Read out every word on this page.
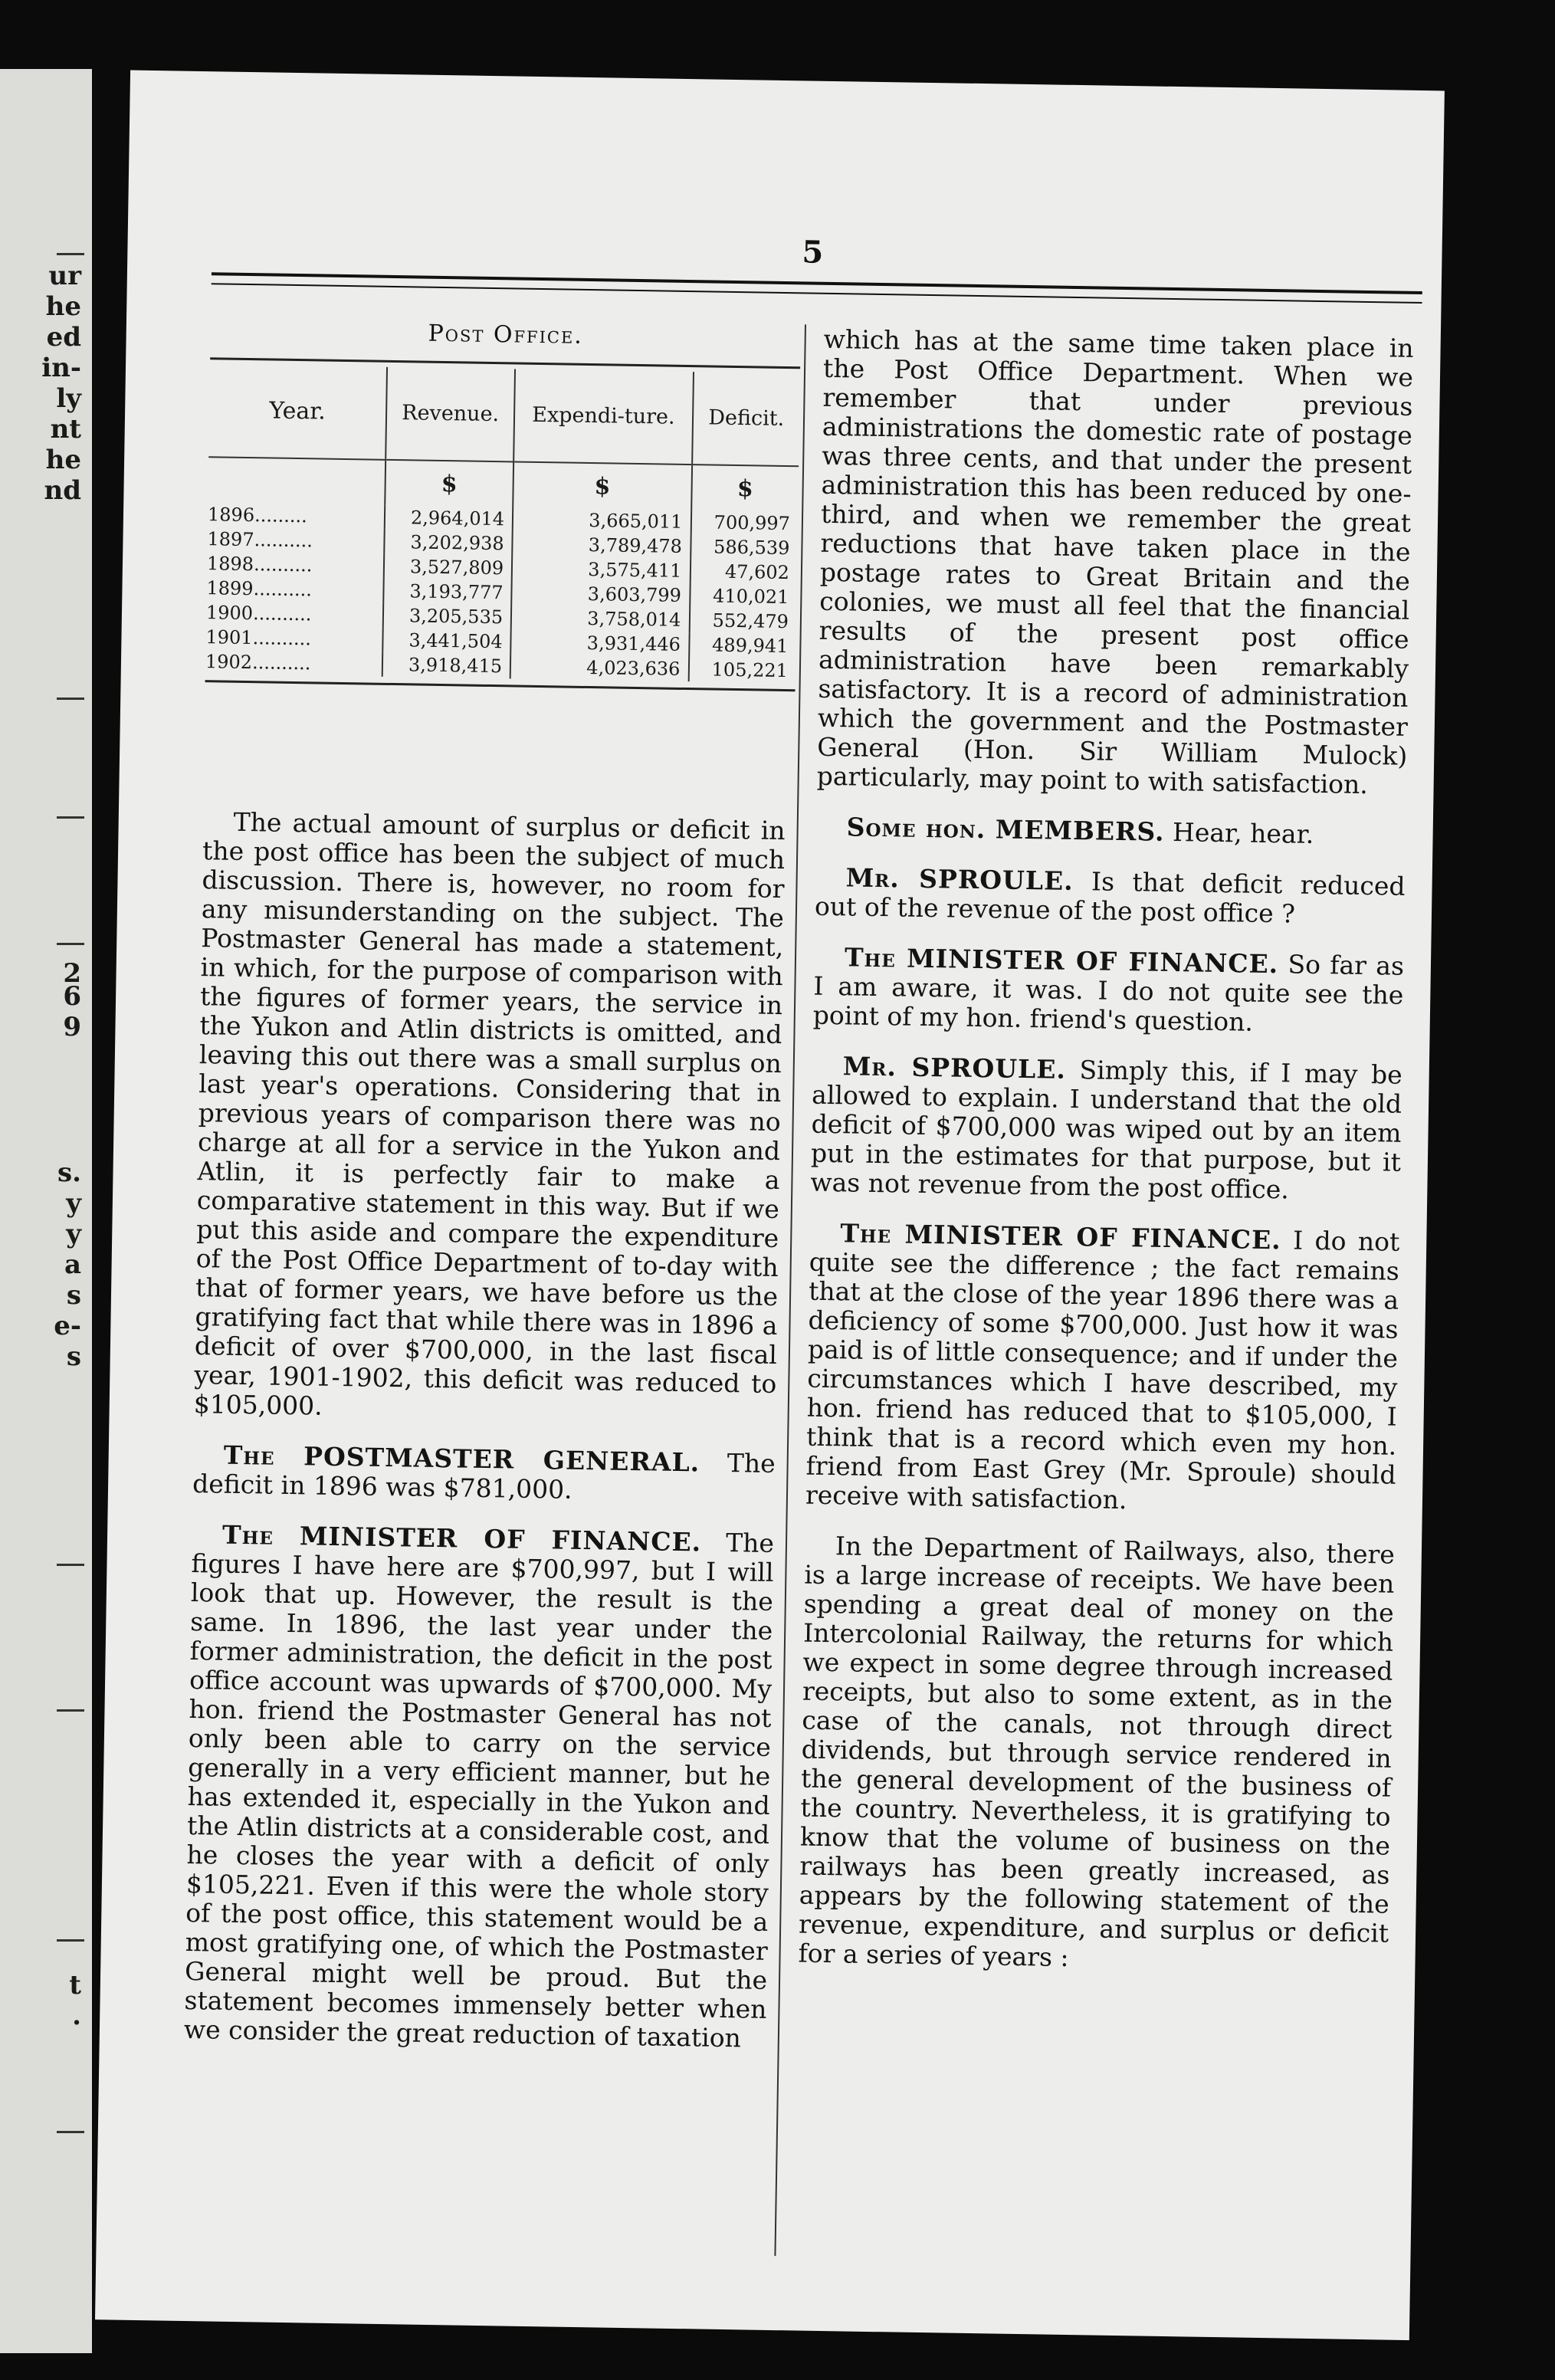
ur
he
ed
in-
ly
nt
he
nd
2
6
9
s.
y
y
a
s
e-
s
t
.
5
Post Office.
Year.	Revenue.	Expendi-ture.	Deficit.
	$	$	$
1896.........	2,964,014	3,665,011	700,997
1897..........	3,202,938	3,789,478	586,539
1898..........	3,527,809	3,575,411	47,602
1899..........	3,193,777	3,603,799	410,021
1900..........	3,205,535	3,758,014	552,479
1901..........	3,441,504	3,931,446	489,941
1902..........	3,918,415	4,023,636	105,221

The actual amount of surplus or deficit in the post office has been the subject of much discussion. There is, however, no room for any misunderstanding on the subject. The Postmaster General has made a statement, in which, for the purpose of comparison with the figures of former years, the service in the Yukon and Atlin districts is omitted, and leaving this out there was a small surplus on last year's operations. Considering that in previous years of comparison there was no charge at all for a service in the Yukon and Atlin, it is perfectly fair to make a comparative statement in this way. But if we put this aside and compare the expenditure of the Post Office Department of to-day with that of former years, we have before us the gratifying fact that while there was in 1896 a deficit of over $700,000, in the last fiscal year, 1901-1902, this deficit was reduced to $105,000.

The POSTMASTER GENERAL. The deficit in 1896 was $781,000.

The MINISTER OF FINANCE. The figures I have here are $700,997, but I will look that up. However, the result is the same. In 1896, the last year under the former administration, the deficit in the post office account was upwards of $700,000. My hon. friend the Postmaster General has not only been able to carry on the service generally in a very efficient manner, but he has extended it, especially in the Yukon and the Atlin districts at a considerable cost, and he closes the year with a deficit of only $105,221. Even if this were the whole story of the post office, this statement would be a most gratifying one, of which the Postmaster General might well be proud. But the statement becomes immensely better when we consider the great reduction of taxation

which has at the same time taken place in the Post Office Department. When we remember that under previous administrations the domestic rate of postage was three cents, and that under the present administration this has been reduced by one-third, and when we remember the great reductions that have taken place in the postage rates to Great Britain and the colonies, we must all feel that the financial results of the present post office administration have been remarkably satisfactory. It is a record of administration which the government and the Postmaster General (Hon. Sir William Mulock) particularly, may point to with satisfaction.

Some hon. MEMBERS. Hear, hear.

Mr. SPROULE. Is that deficit reduced out of the revenue of the post office ?

The MINISTER OF FINANCE. So far as I am aware, it was. I do not quite see the point of my hon. friend's question.

Mr. SPROULE. Simply this, if I may be allowed to explain. I understand that the old deficit of $700,000 was wiped out by an item put in the estimates for that purpose, but it was not revenue from the post office.

The MINISTER OF FINANCE. I do not quite see the difference ; the fact remains that at the close of the year 1896 there was a deficiency of some $700,000. Just how it was paid is of little consequence; and if under the circumstances which I have described, my hon. friend has reduced that to $105,000, I think that is a record which even my hon. friend from East Grey (Mr. Sproule) should receive with satisfaction.

In the Department of Railways, also, there is a large increase of receipts. We have been spending a great deal of money on the Intercolonial Railway, the returns for which we expect in some degree through increased receipts, but also to some extent, as in the case of the canals, not through direct dividends, but through service rendered in the general development of the business of the country. Nevertheless, it is gratifying to know that the volume of business on the railways has been greatly increased, as appears by the following statement of the revenue, expenditure, and surplus or deficit for a series of years :
